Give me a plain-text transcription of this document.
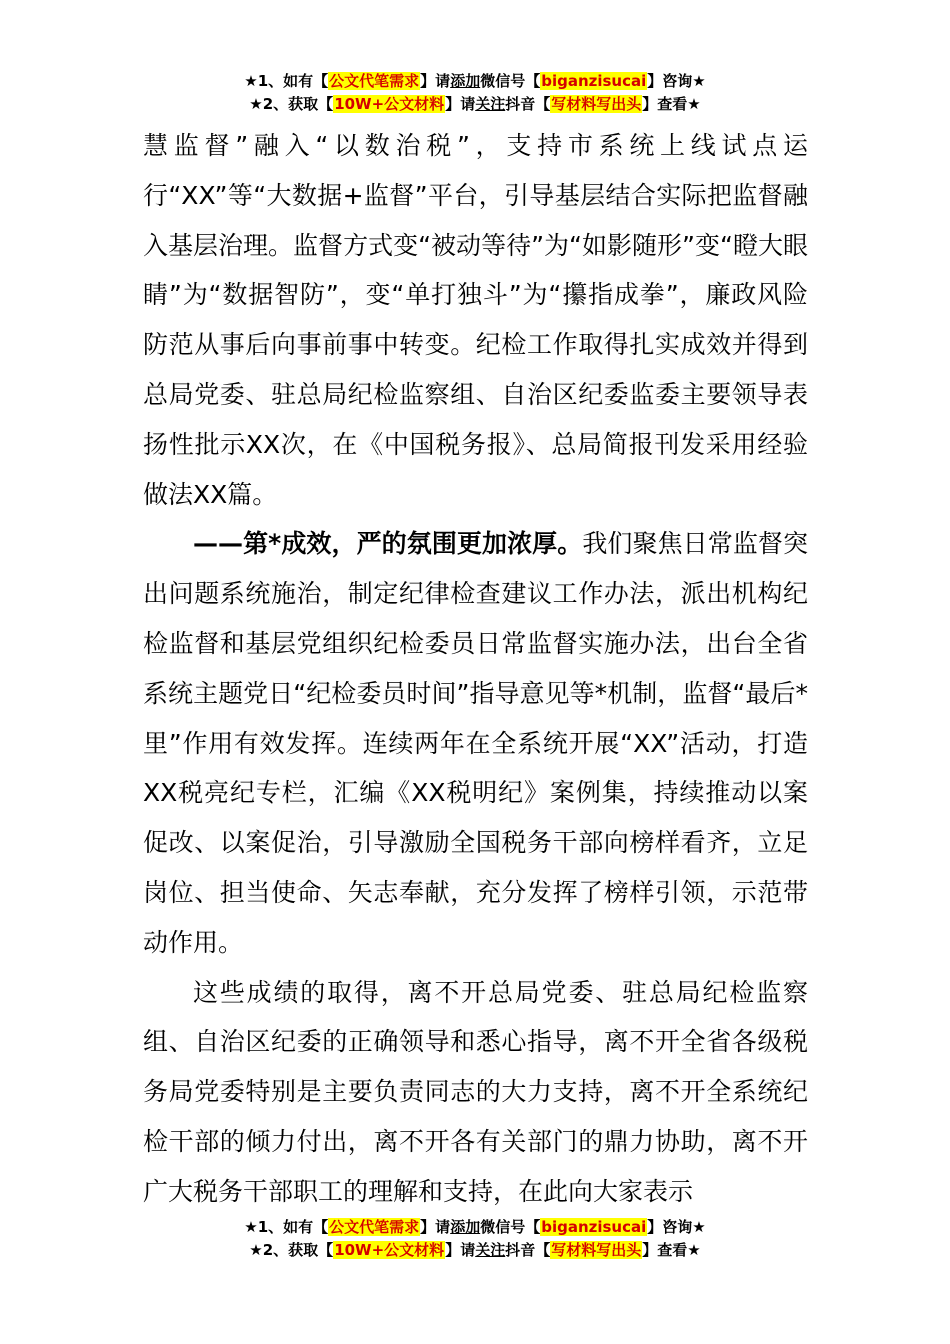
★1、如有【公文代笔需求】请添加微信号【biganzisucai】咨询★
★2、获取【10W+公文材料】请关注抖音【写材料写出头】查看★

慧监督”融入“以数治税”，支持市系统上线试点运行“XX”等“大数据+监督”平台，引导基层结合实际把监督融入基层治理。监督方式变“被动等待”为“如影随形”变“瞪大眼睛”为“数据智防”，变“单打独斗”为“攥指成拳”，廉政风险防范从事后向事前事中转变。纪检工作取得扎实成效并得到总局党委、驻总局纪检监察组、自治区纪委监委主要领导表扬性批示XX次，在《中国税务报》、总局简报刊发采用经验做法XX篇。

——第*成效，严的氛围更加浓厚。我们聚焦日常监督突出问题系统施治，制定纪律检查建议工作办法，派出机构纪检监督和基层党组织纪检委员日常监督实施办法，出台全省系统主题党日“纪检委员时间”指导意见等*机制，监督“最后*里”作用有效发挥。连续两年在全系统开展“XX”活动，打造XX税亮纪专栏，汇编《XX税明纪》案例集，持续推动以案促改、以案促治，引导激励全国税务干部向榜样看齐，立足岗位、担当使命、矢志奉献，充分发挥了榜样引领，示范带动作用。

这些成绩的取得，离不开总局党委、驻总局纪检监察组、自治区纪委的正确领导和悉心指导，离不开全省各级税务局党委特别是主要负责同志的大力支持，离不开全系统纪检干部的倾力付出，离不开各有关部门的鼎力协助，离不开广大税务干部职工的理解和支持，在此向大家表示

★1、如有【公文代笔需求】请添加微信号【biganzisucai】咨询★
★2、获取【10W+公文材料】请关注抖音【写材料写出头】查看★
